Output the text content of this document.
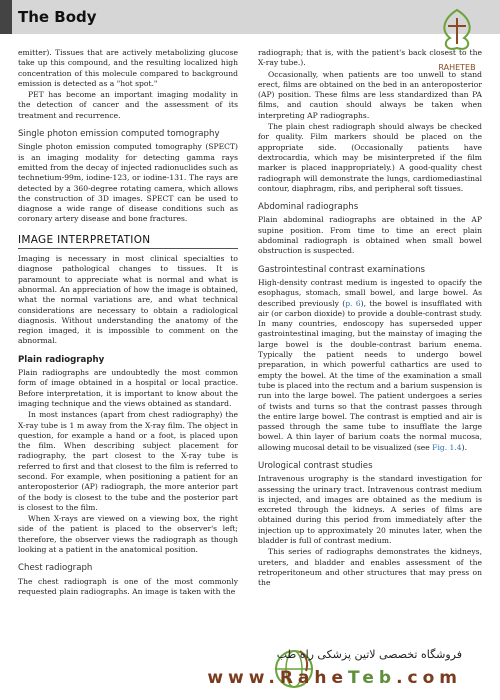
The Body
RAHETEB

emitter). Tissues that are actively metabolizing glucose take up this compound, and the resulting localized high concentration of this molecule compared to background emission is detected as a "hot spot."

PET has become an important imaging modality in the detection of cancer and the assessment of its treatment and recurrence.

Single photon emission computed tomography

Single photon emission computed tomography (SPECT) is an imaging modality for detecting gamma rays emitted from the decay of injected radionuclides such as technetium-99m, iodine-123, or iodine-131. The rays are detected by a 360-degree rotating camera, which allows the construction of 3D images. SPECT can be used to diagnose a wide range of disease conditions such as coronary artery disease and bone fractures.

IMAGE INTERPRETATION

Imaging is necessary in most clinical specialties to diagnose pathological changes to tissues. It is paramount to appreciate what is normal and what is abnormal. An appreciation of how the image is obtained, what the normal variations are, and what technical considerations are necessary to obtain a radiological diagnosis. Without understanding the anatomy of the region imaged, it is impossible to comment on the abnormal.

Plain radiography

Plain radiographs are undoubtedly the most common form of image obtained in a hospital or local practice. Before interpretation, it is important to know about the imaging technique and the views obtained as standard.

In most instances (apart from chest radiography) the X-ray tube is 1 m away from the X-ray film. The object in question, for example a hand or a foot, is placed upon the film. When describing subject placement for radiography, the part closest to the X-ray tube is referred to first and that closest to the film is referred to second. For example, when positioning a patient for an anteroposterior (AP) radiograph, the more anterior part of the body is closest to the tube and the posterior part is closest to the film.

When X-rays are viewed on a viewing box, the right side of the patient is placed to the observer's left; therefore, the observer views the radiograph as though looking at a patient in the anatomical position.

Chest radiograph

The chest radiograph is one of the most commonly requested plain radiographs. An image is taken with the

radiograph; that is, with the patient's back closest to the X-ray tube.).

Occasionally, when patients are too unwell to stand erect, films are obtained on the bed in an anteroposterior (AP) position. These films are less standardized than PA films, and caution should always be taken when interpreting AP radiographs.

The plain chest radiograph should always be checked for quality. Film markers should be placed on the appropriate side. (Occasionally patients have dextrocardia, which may be misinterpreted if the film marker is placed inappropriately.) A good-quality chest radiograph will demonstrate the lungs, cardiomediastinal contour, diaphragm, ribs, and peripheral soft tissues.

Abdominal radiographs

Plain abdominal radiographs are obtained in the AP supine position. From time to time an erect plain abdominal radiograph is obtained when small bowel obstruction is suspected.

Gastrointestinal contrast examinations

High-density contrast medium is ingested to opacify the esophagus, stomach, small bowel, and large bowel. As described previously (p. 6), the bowel is insufflated with air (or carbon dioxide) to provide a double-contrast study. In many countries, endoscopy has superseded upper gastrointestinal imaging, but the mainstay of imaging the large bowel is the double-contrast barium enema. Typically the patient needs to undergo bowel preparation, in which powerful cathartics are used to empty the bowel. At the time of the examination a small tube is placed into the rectum and a barium suspension is run into the large bowel. The patient undergoes a series of twists and turns so that the contrast passes through the entire large bowel. The contrast is emptied and air is passed through the same tube to insufflate the large bowel. A thin layer of barium coats the normal mucosa, allowing mucosal detail to be visualized (see Fig. 1.4).

Urological contrast studies

Intravenous urography is the standard investigation for assessing the urinary tract. Intravenous contrast medium is injected, and images are obtained as the medium is excreted through the kidneys. A series of films are obtained during this period from immediately after the injection up to approximately 20 minutes later, when the bladder is full of contrast medium.

This series of radiographs demonstrates the kidneys, ureters, and bladder and enables assessment of the retroperitoneum and other structures that may press on the

فروشگاه تخصصی لاتین پزشکی راه طب
www.RaheTeb.com
